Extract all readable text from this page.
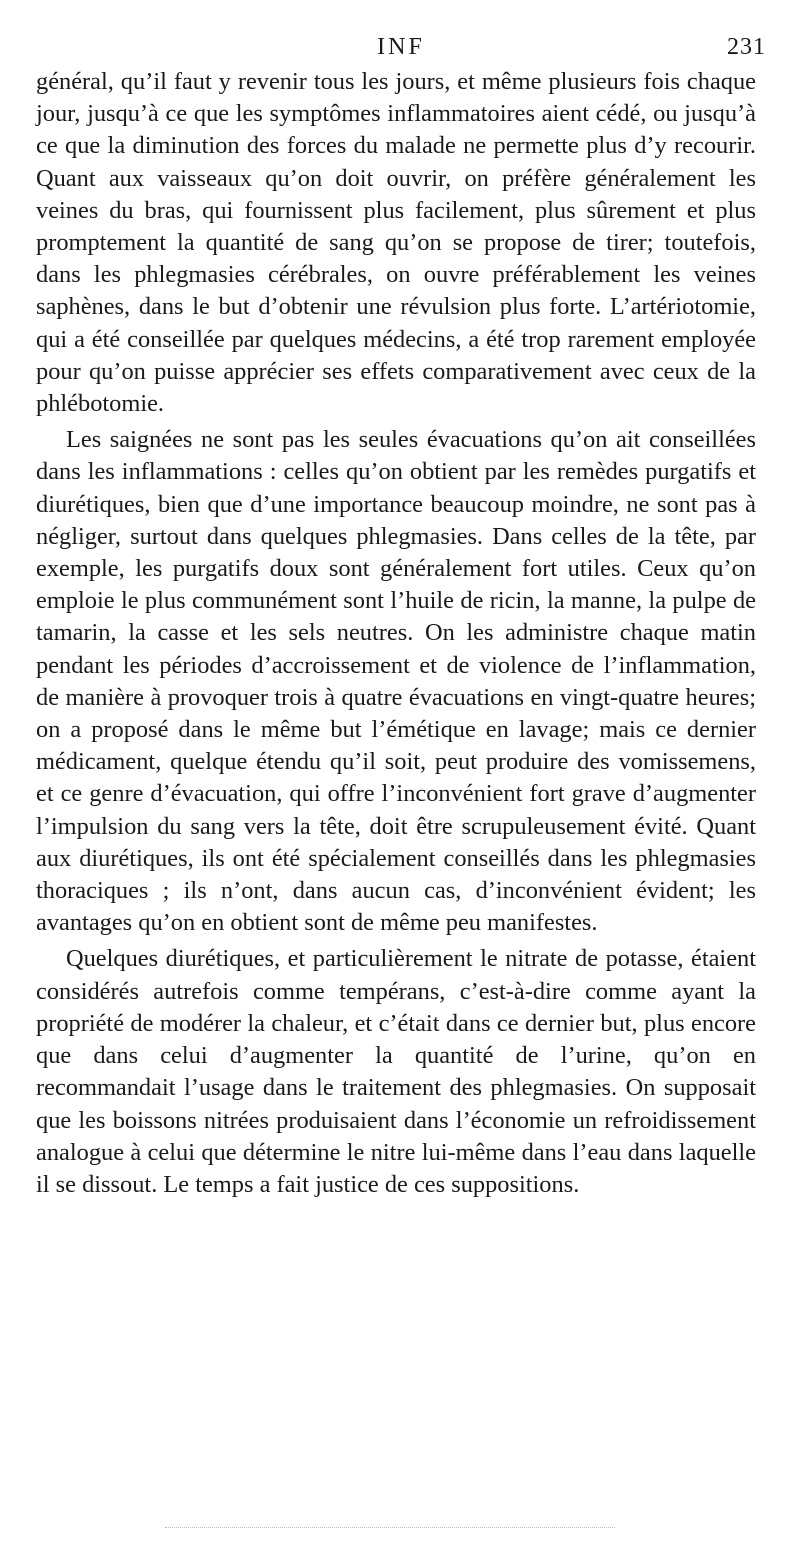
INF	231

général, qu’il faut y revenir tous les jours, et même plusieurs fois chaque jour, jusqu’à ce que les symptômes inflammatoires aient cédé, ou jusqu’à ce que la diminution des forces du malade ne permette plus d’y recourir. Quant aux vaisseaux qu’on doit ouvrir, on préfère généralement les veines du bras, qui fournissent plus facilement, plus sûrement et plus promptement la quantité de sang qu’on se propose de tirer; toutefois, dans les phlegmasies cérébrales, on ouvre préférablement les veines saphènes, dans le but d’obtenir une révulsion plus forte. L’artériotomie, qui a été conseillée par quelques médecins, a été trop rarement employée pour qu’on puisse apprécier ses effets comparativement avec ceux de la phlébotomie.

Les saignées ne sont pas les seules évacuations qu’on ait conseillées dans les inflammations : celles qu’on obtient par les remèdes purgatifs et diurétiques, bien que d’une importance beaucoup moindre, ne sont pas à négliger, surtout dans quelques phlegmasies. Dans celles de la tête, par exemple, les purgatifs doux sont généralement fort utiles. Ceux qu’on emploie le plus communément sont l’huile de ricin, la manne, la pulpe de tamarin, la casse et les sels neutres. On les administre chaque matin pendant les périodes d’accroissement et de violence de l’inflammation, de manière à provoquer trois à quatre évacuations en vingt-quatre heures; on a proposé dans le même but l’émétique en lavage; mais ce dernier médicament, quelque étendu qu’il soit, peut produire des vomissemens, et ce genre d’évacuation, qui offre l’inconvénient fort grave d’augmenter l’impulsion du sang vers la tête, doit être scrupuleusement évité. Quant aux diurétiques, ils ont été spécialement conseillés dans les phlegmasies thoraciques ; ils n’ont, dans aucun cas, d’inconvénient évident; les avantages qu’on en obtient sont de même peu manifestes.

Quelques diurétiques, et particulièrement le nitrate de potasse, étaient considérés autrefois comme tempérans, c’est-à-dire comme ayant la propriété de modérer la chaleur, et c’était dans ce dernier but, plus encore que dans celui d’augmenter la quantité de l’urine, qu’on en recommandait l’usage dans le traitement des phlegmasies. On supposait que les boissons nitrées produisaient dans l’économie un refroidissement analogue à celui que détermine le nitre lui-même dans l’eau dans laquelle il se dissout. Le temps a fait justice de ces suppositions.
